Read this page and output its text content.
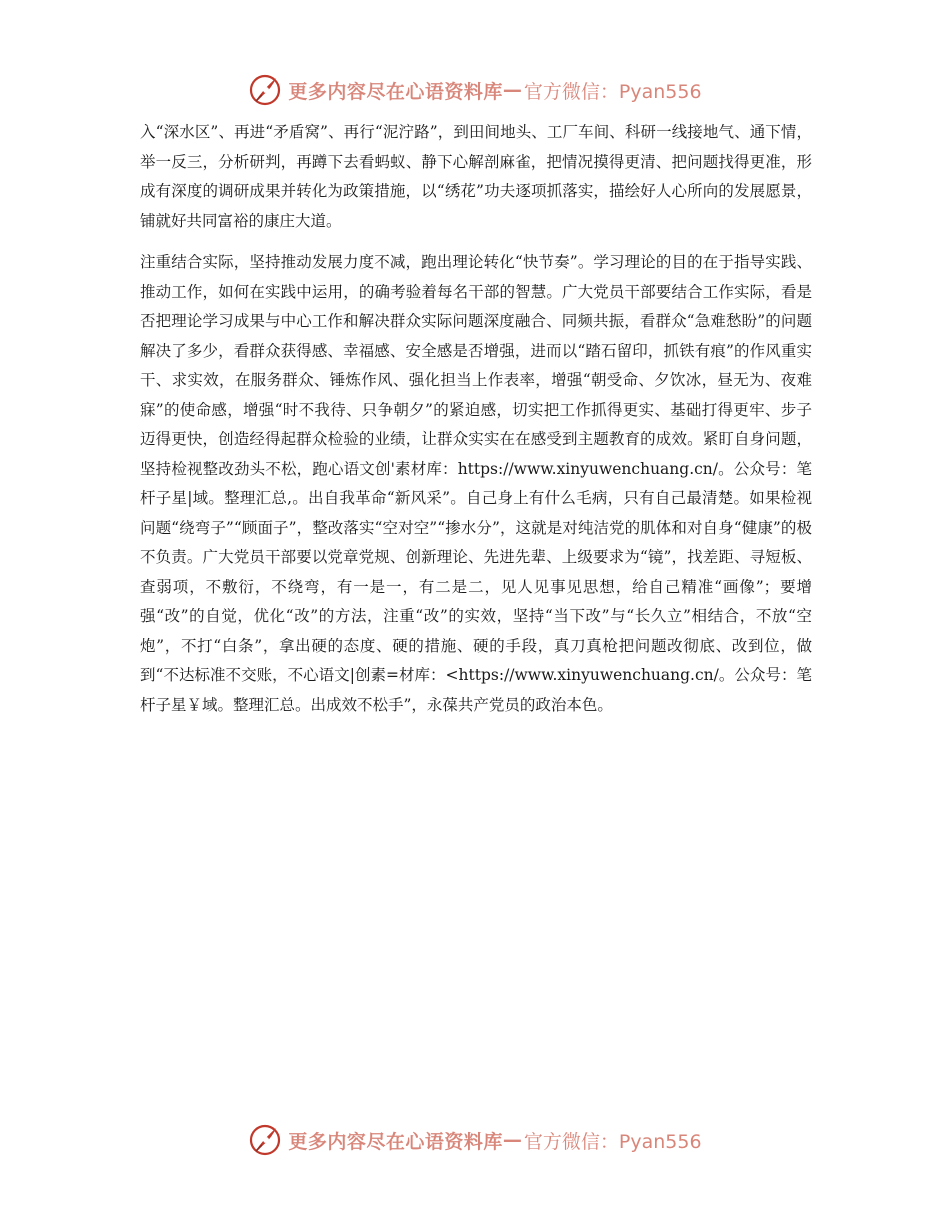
更多内容尽在心语资料库 — 官方微信：Pyan556

入“深水区”、再进“矛盾窝”、再行“泥泞路”，到田间地头、工厂车间、科研一线接地气、通下情，举一反三，分析研判，再蹲下去看蚂蚁、静下心解剖麻雀，把情况摸得更清、把问题找得更准，形成有深度的调研成果并转化为政策措施，以“绣花”功夫逐项抓落实，描绘好人心所向的发展愿景，铺就好共同富裕的康庄大道。

注重结合实际，坚持推动发展力度不减，跑出理论转化“快节奏”。学习理论的目的在于指导实践、推动工作，如何在实践中运用，的确考验着每名干部的智慧。广大党员干部要结合工作实际，看是否把理论学习成果与中心工作和解决群众实际问题深度融合、同频共振，看群众“急难愁盼”的问题解决了多少，看群众获得感、幸福感、安全感是否增强，进而以“踏石留印，抓铁有痕”的作风重实干、求实效，在服务群众、锤炼作风、强化担当上作表率，增强“朝受命、夕饮冰，昼无为、夜难寐”的使命感，增强“时不我待、只争朝夕”的紧迫感，切实把工作抓得更实、基础打得更牢、步子迈得更快，创造经得起群众检验的业绩，让群众实实在在感受到主题教育的成效。紧盯自身问题，坚持检视整改劲头不松，跑心语文创'素材库：https://www.xinyuwenchuang.cn/。公众号：笔杆子星|域。整理汇总,。出自我革命“新风采”。自己身上有什么毛病，只有自己最清楚。如果检视问题“绕弯子”“顾面子”，整改落实“空对空”“掺水分”，这就是对纯洁党的肌体和对自身“健康”的极不负责。广大党员干部要以党章党规、创新理论、先进先辈、上级要求为“镜”，找差距、寻短板、查弱项，不敷衍，不绕弯，有一是一，有二是二，见人见事见思想，给自己精准“画像”；要增强“改”的自觉，优化“改”的方法，注重“改”的实效，坚持“当下改”与“长久立”相结合，不放“空炮”，不打“白条”，拿出硬的态度、硬的措施、硬的手段，真刀真枪把问题改彻底、改到位，做到“不达标准不交账，不心语文|创素=材库：<https://www.xinyuwenchuang.cn/。公众号：笔杆子星￥域。整理汇总。出成效不松手”，永葆共产党员的政治本色。

更多内容尽在心语资料库 — 官方微信：Pyan556
